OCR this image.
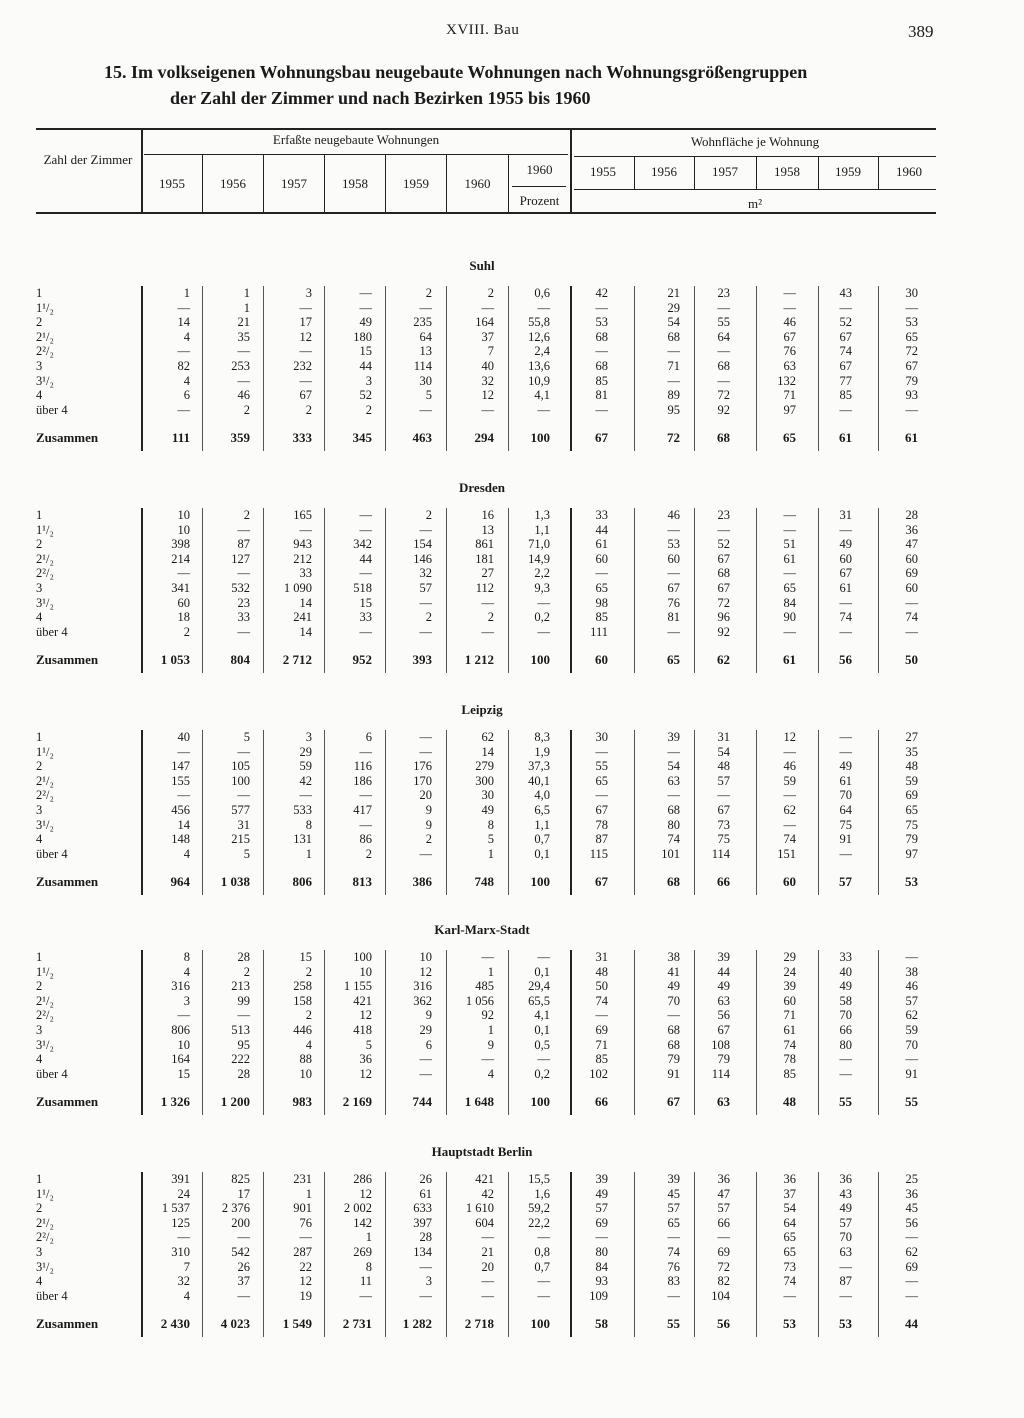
XVIII. Bau	389
15. Im volkseigenen Wohnungsbau neugebaute Wohnungen nach Wohnungsgrößengruppen
der Zahl der Zimmer und nach Bezirken 1955 bis 1960
Zahl der Zimmer
Erfaßte neugebaute Wohnungen	Wohnfläche je Wohnung
1955	1956	1957	1958	1959	1960
1960
Prozent
1955	1956	1957	1958	1959	1960
m²
Suhl
1	1	1	3	—	2	2	0,6	42	21	23	—	43	30
1¹/₂	—	1	—	—	—	—	—	—	29	—	—	—	—
2	14	21	17	49	235	164	55,8	53	54	55	46	52	53
2¹/₂	4	35	12	180	64	37	12,6	68	68	64	67	67	65
2²/₂	—	—	—	15	13	7	2,4	—	—	—	76	74	72
3	82	253	232	44	114	40	13,6	68	71	68	63	67	67
3¹/₂	4	—	—	3	30	32	10,9	85	—	—	132	77	79
4	6	46	67	52	5	12	4,1	81	89	72	71	85	93
über 4	—	2	2	2	—	—	—	—	95	92	97	—	—
Zusammen	111	359	333	345	463	294	100	67	72	68	65	61	61
Dresden
1	10	2	165	—	2	16	1,3	33	46	23	—	31	28
1¹/₂	10	—	—	—	—	13	1,1	44	—	—	—	—	36
2	398	87	943	342	154	861	71,0	61	53	52	51	49	47
2¹/₂	214	127	212	44	146	181	14,9	60	60	67	61	60	60
2²/₂	—	—	33	—	32	27	2,2	—	—	68	—	67	69
3	341	532	1 090	518	57	112	9,3	65	67	67	65	61	60
3¹/₂	60	23	14	15	—	—	—	98	76	72	84	—	—
4	18	33	241	33	2	2	0,2	85	81	96	90	74	74
über 4	2	—	14	—	—	—	—	111	—	92	—	—	—
Zusammen	1 053	804	2 712	952	393	1 212	100	60	65	62	61	56	50
Leipzig
1	40	5	3	6	—	62	8,3	30	39	31	12	—	27
1¹/₂	—	—	29	—	—	14	1,9	—	—	54	—	—	35
2	147	105	59	116	176	279	37,3	55	54	48	46	49	48
2¹/₂	155	100	42	186	170	300	40,1	65	63	57	59	61	59
2²/₂	—	—	—	—	20	30	4,0	—	—	—	—	70	69
3	456	577	533	417	9	49	6,5	67	68	67	62	64	65
3¹/₂	14	31	8	—	9	8	1,1	78	80	73	—	75	75
4	148	215	131	86	2	5	0,7	87	74	75	74	91	79
über 4	4	5	1	2	—	1	0,1	115	101	114	151	—	97
Zusammen	964	1 038	806	813	386	748	100	67	68	66	60	57	53
Karl-Marx-Stadt
1	8	28	15	100	10	—	—	31	38	39	29	33	—
1¹/₂	4	2	2	10	12	1	0,1	48	41	44	24	40	38
2	316	213	258	1 155	316	485	29,4	50	49	49	39	49	46
2¹/₂	3	99	158	421	362	1 056	65,5	74	70	63	60	58	57
2²/₂	—	—	2	12	9	92	4,1	—	—	56	71	70	62
3	806	513	446	418	29	1	0,1	69	68	67	61	66	59
3¹/₂	10	95	4	5	6	9	0,5	71	68	108	74	80	70
4	164	222	88	36	—	—	—	85	79	79	78	—	—
über 4	15	28	10	12	—	4	0,2	102	91	114	85	—	91
Zusammen	1 326	1 200	983	2 169	744	1 648	100	66	67	63	48	55	55
Hauptstadt Berlin
1	391	825	231	286	26	421	15,5	39	39	36	36	36	25
1¹/₂	24	17	1	12	61	42	1,6	49	45	47	37	43	36
2	1 537	2 376	901	2 002	633	1 610	59,2	57	57	57	54	49	45
2¹/₂	125	200	76	142	397	604	22,2	69	65	66	64	57	56
2²/₂	—	—	—	1	28	—	—	—	—	—	65	70	—
3	310	542	287	269	134	21	0,8	80	74	69	65	63	62
3¹/₂	7	26	22	8	—	20	0,7	84	76	72	73	—	69
4	32	37	12	11	3	—	—	93	83	82	74	87	—
über 4	4	—	19	—	—	—	—	109	—	104	—	—	—
Zusammen	2 430	4 023	1 549	2 731	1 282	2 718	100	58	55	56	53	53	44
